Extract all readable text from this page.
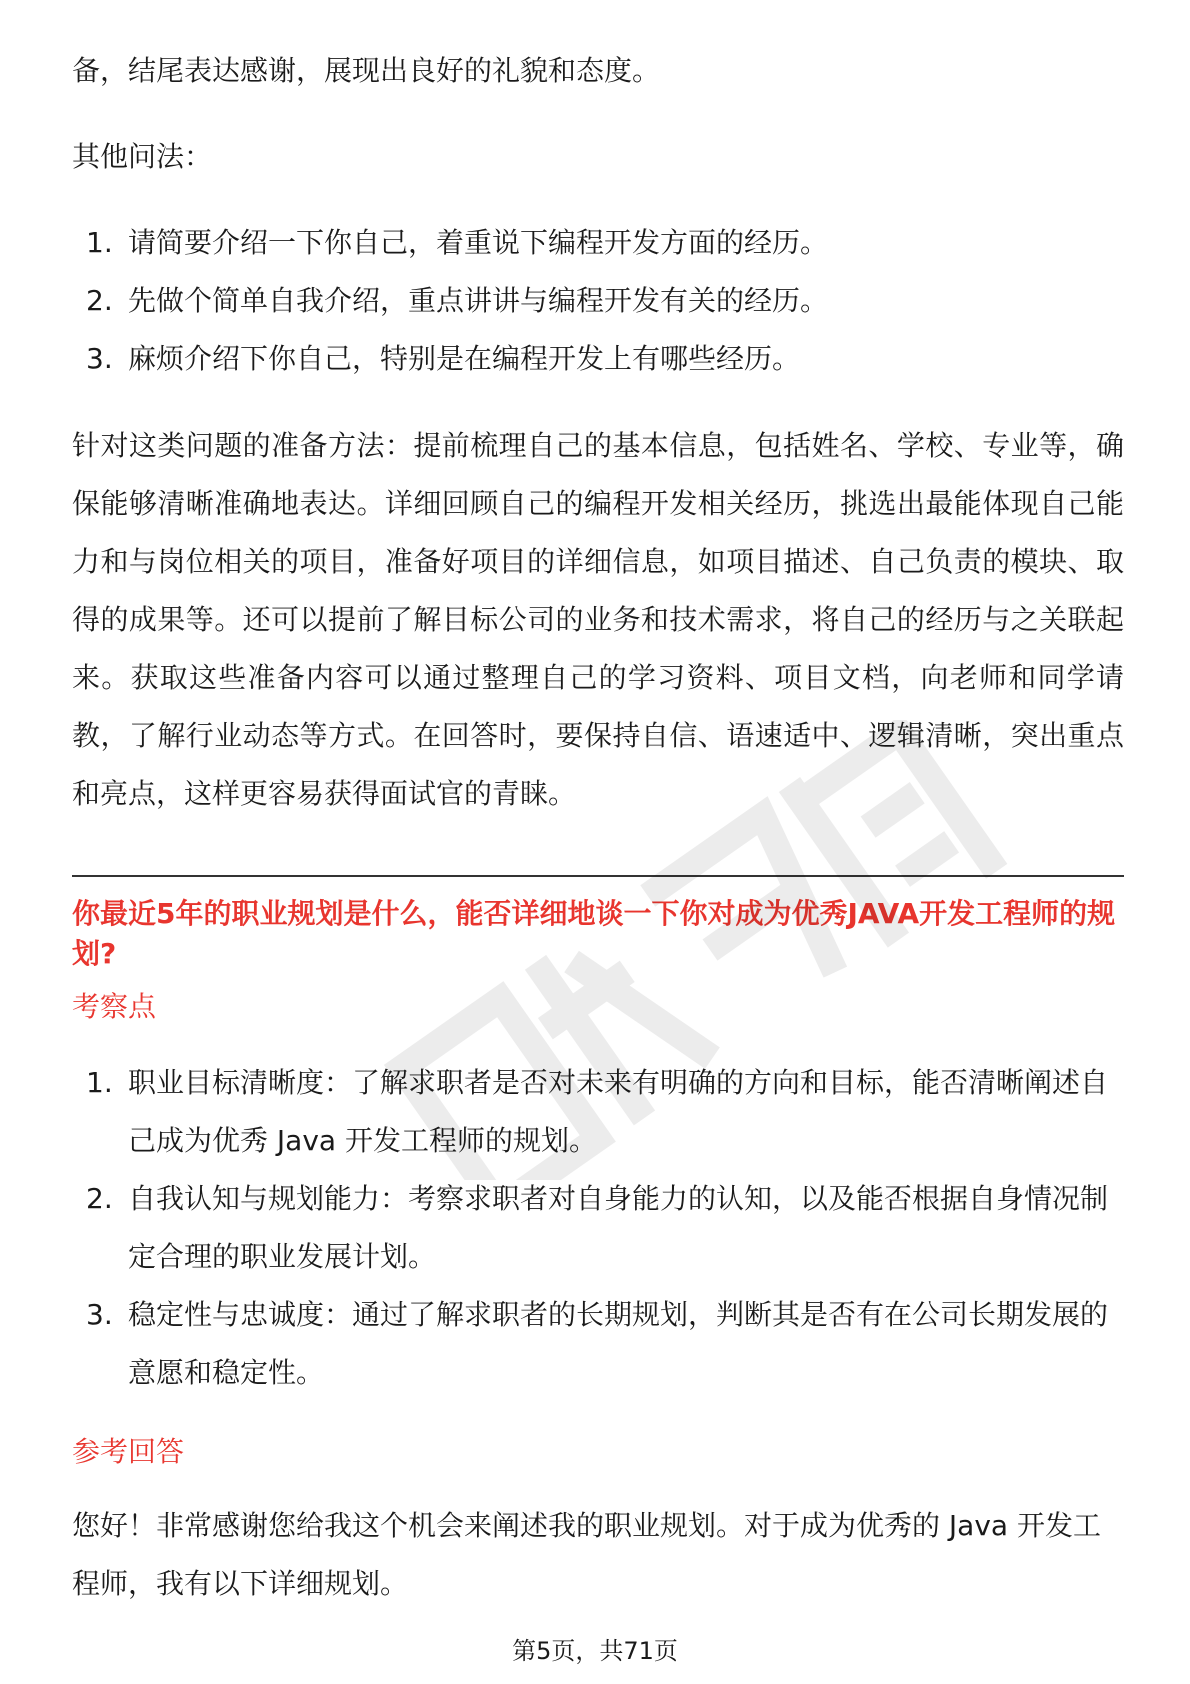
备，结尾表达感谢，展现出良好的礼貌和态度。

其他问法：

1. 请简要介绍一下你自己，着重说下编程开发方面的经历。
2. 先做个简单自我介绍，重点讲讲与编程开发有关的经历。
3. 麻烦介绍下你自己，特别是在编程开发上有哪些经历。

针对这类问题的准备方法：提前梳理自己的基本信息，包括姓名、学校、专业等，确保能够清晰准确地表达。详细回顾自己的编程开发相关经历，挑选出最能体现自己能力和与岗位相关的项目，准备好项目的详细信息，如项目描述、自己负责的模块、取得的成果等。还可以提前了解目标公司的业务和技术需求，将自己的经历与之关联起来。获取这些准备内容可以通过整理自己的学习资料、项目文档，向老师和同学请教，了解行业动态等方式。在回答时，要保持自信、语速适中、逻辑清晰，突出重点和亮点，这样更容易获得面试官的青睐。

你最近5年的职业规划是什么，能否详细地谈一下你对成为优秀JAVA开发工程师的规划?

考察点

1. 职业目标清晰度：了解求职者是否对未来有明确的方向和目标，能否清晰阐述自己成为优秀 Java 开发工程师的规划。
2. 自我认知与规划能力：考察求职者对自身能力的认知，以及能否根据自身情况制定合理的职业发展计划。
3. 稳定性与忠诚度：通过了解求职者的长期规划，判断其是否有在公司长期发展的意愿和稳定性。

参考回答

您好！非常感谢您给我这个机会来阐述我的职业规划。对于成为优秀的 Java 开发工程师，我有以下详细规划。

第5页，共71页
